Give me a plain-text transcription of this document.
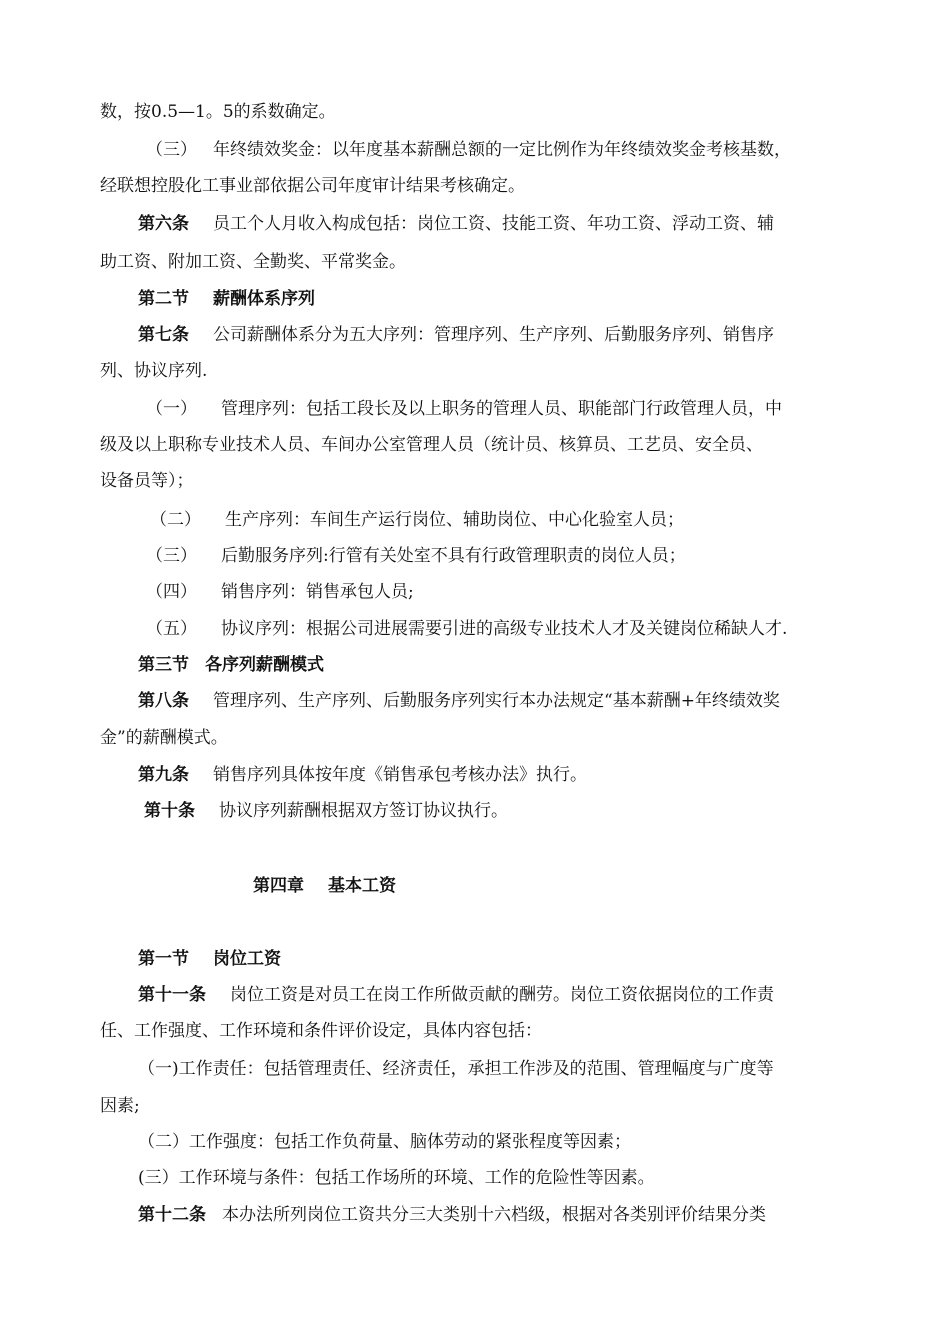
数，按0.5—1。5的系数确定。
（三） 年终绩效奖金：以年度基本薪酬总额的一定比例作为年终绩效奖金考核基数，
经联想控股化工事业部依据公司年度审计结果考核确定。
第六条 员工个人月收入构成包括：岗位工资、技能工资、年功工资、浮动工资、辅
助工资、附加工资、全勤奖、平常奖金。
第二节 薪酬体系序列
第七条 公司薪酬体系分为五大序列：管理序列、生产序列、后勤服务序列、销售序
列、协议序列.
（一） 管理序列：包括工段长及以上职务的管理人员、职能部门行政管理人员，中
级及以上职称专业技术人员、车间办公室管理人员（统计员、核算员、工艺员、安全员、
设备员等）；
（二） 生产序列：车间生产运行岗位、辅助岗位、中心化验室人员；
（三） 后勤服务序列:行管有关处室不具有行政管理职责的岗位人员；
（四） 销售序列：销售承包人员;
（五） 协议序列：根据公司进展需要引进的高级专业技术人才及关键岗位稀缺人才.
第三节 各序列薪酬模式
第八条 管理序列、生产序列、后勤服务序列实行本办法规定“基本薪酬+年终绩效奖
金”的薪酬模式。
第九条 销售序列具体按年度《销售承包考核办法》执行。
第十条 协议序列薪酬根据双方签订协议执行。
第四章 基本工资
第一节 岗位工资
第十一条 岗位工资是对员工在岗工作所做贡献的酬劳。岗位工资依据岗位的工作责
任、工作强度、工作环境和条件评价设定，具体内容包括：
（一)工作责任：包括管理责任、经济责任，承担工作涉及的范围、管理幅度与广度等
因素;
（二）工作强度：包括工作负荷量、脑体劳动的紧张程度等因素；
(三）工作环境与条件：包括工作场所的环境、工作的危险性等因素。
第十二条 本办法所列岗位工资共分三大类别十六档级，根据对各类别评价结果分类
